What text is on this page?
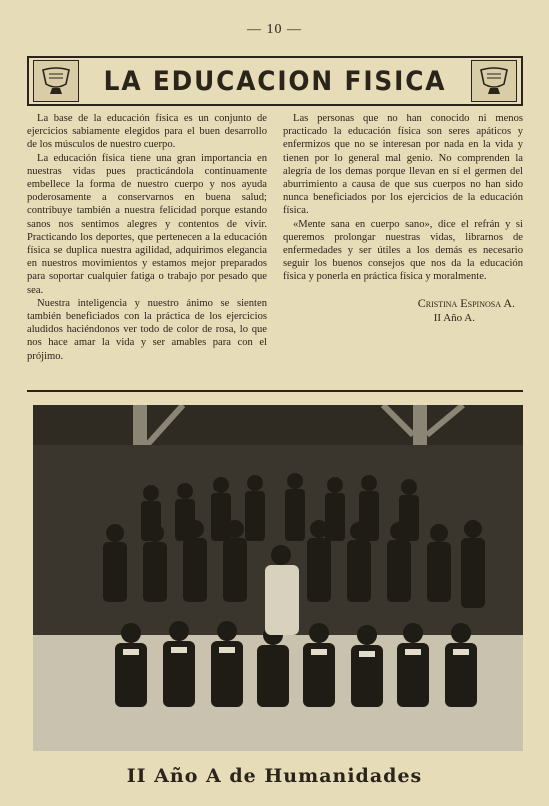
— 10 —
LA EDUCACION FISICA

La base de la educación física es un conjunto de ejercicios sabiamente elegidos para el buen desarrollo de los músculos de nuestro cuerpo.

La educación física tiene una gran importancia en nuestras vidas pues practicándola continuamente embellece la forma de nuestro cuerpo y nos ayuda poderosamente a conservarnos en buena salud; contribuye también a nuestra felicidad porque estando sanos nos sentimos alegres y contentos de vivir. Practicando los deportes, que pertenecen a la educación física se duplica nuestra agilidad, adquirimos elegancia en nuestros movimientos y estamos mejor preparados para soportar cualquier fatiga o trabajo por pesado que sea.

Nuestra inteligencia y nuestro ánimo se sienten también beneficiados con la práctica de los ejercicios aludidos haciéndonos ver todo de color de rosa, lo que nos hace amar la vida y ser amables para con el prójimo.

Las personas que no han conocido ni menos practicado la educación física son seres apáticos y enfermizos que no se interesan por nada en la vida y tienen por lo general mal genio. No comprenden la alegría de los demas porque llevan en sí el germen del aburrimiento a causa de que sus cuerpos no han sido nunca beneficiados por los ejercicios de la educación física.

«Mente sana en cuerpo sano», dice el refrán y si queremos prolongar nuestras vidas, librarnos de enfermedades y ser útiles a los demás es necesario seguir los buenos consejos que nos da la educación física y ponerla en práctica física y moralmente.

Cristina Espinosa A.
II Año A.
II Año A de Humanidades
